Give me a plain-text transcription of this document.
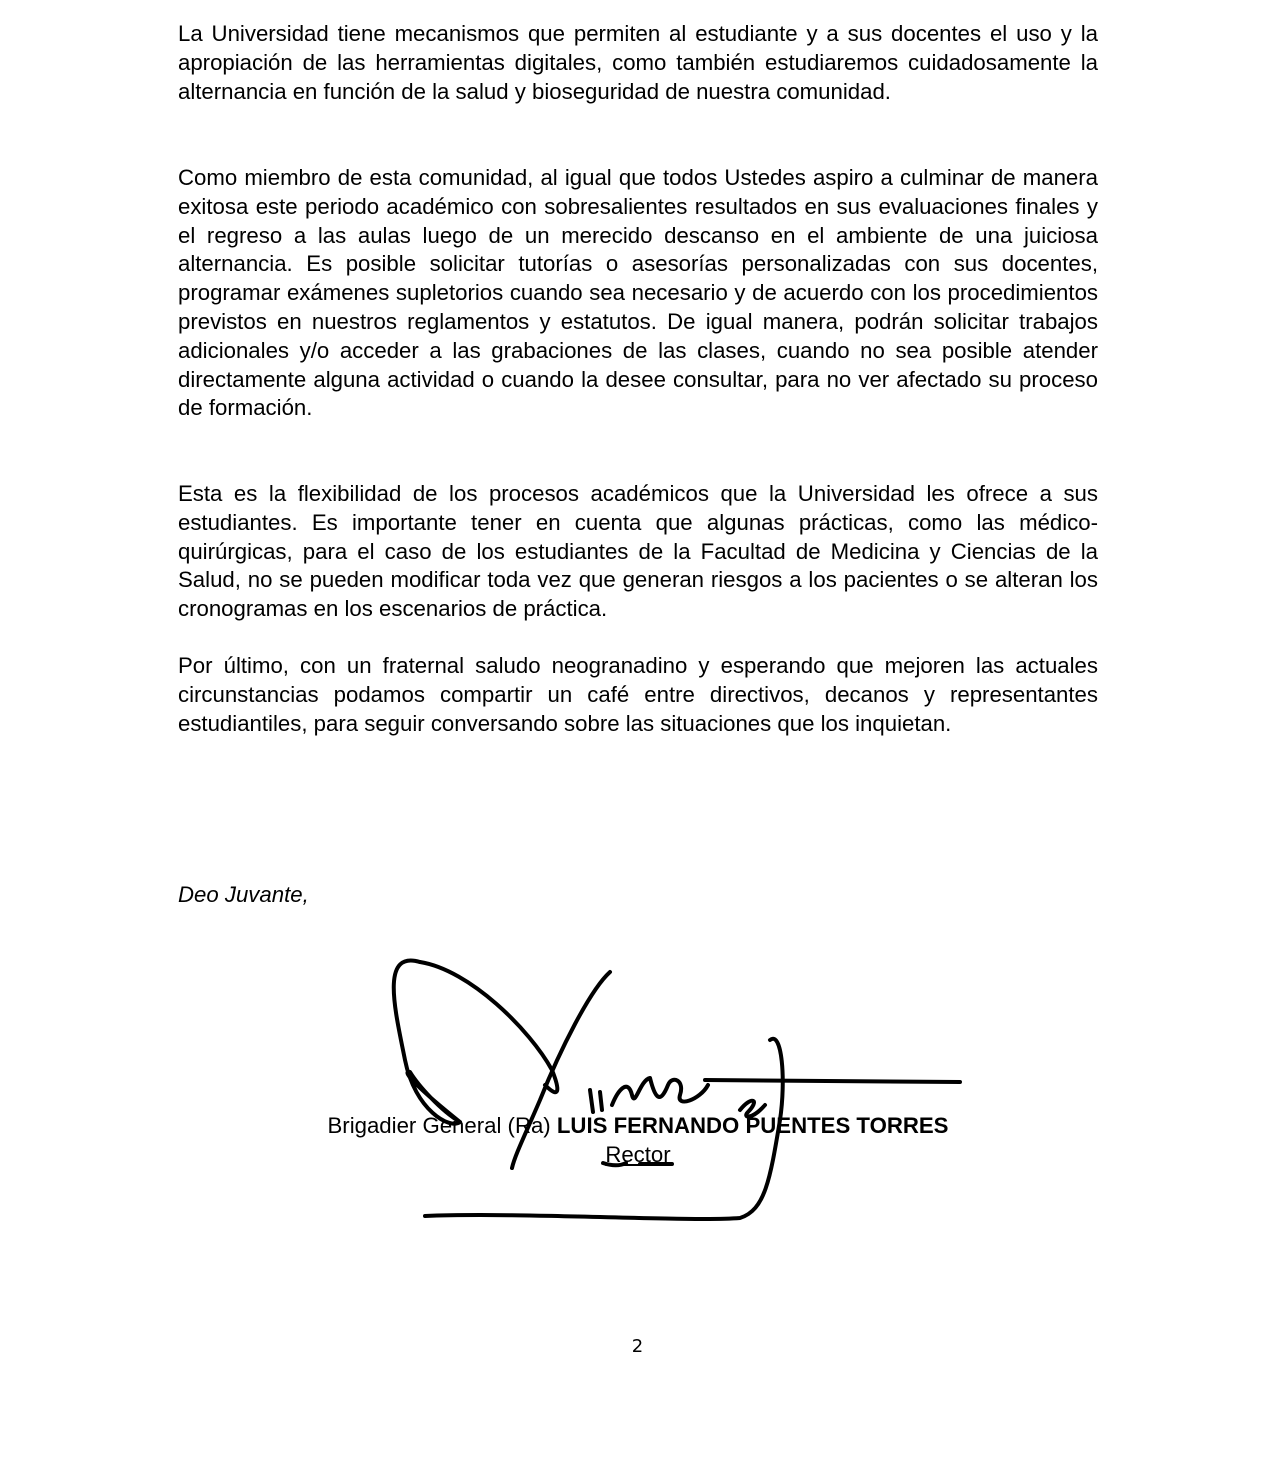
La Universidad tiene mecanismos que permiten al estudiante y a sus docentes el uso y la apropiación de las herramientas digitales, como también estudiaremos cuidadosamente la alternancia en función de la salud y bioseguridad de nuestra comunidad.

Como miembro de esta comunidad, al igual que todos Ustedes aspiro a culminar de manera exitosa este periodo académico con sobresalientes resultados en sus evaluaciones finales y el regreso a las aulas luego de un merecido descanso en el ambiente de una juiciosa alternancia. Es posible solicitar tutorías o asesorías personalizadas con sus docentes, programar exámenes supletorios cuando sea necesario y de acuerdo con los procedimientos previstos en nuestros reglamentos y estatutos. De igual manera, podrán solicitar trabajos adicionales y/o acceder a las grabaciones de las clases, cuando no sea posible atender directamente alguna actividad o cuando la desee consultar, para no ver afectado su proceso de formación.

Esta es la flexibilidad de los procesos académicos que la Universidad les ofrece a sus estudiantes. Es importante tener en cuenta que algunas prácticas, como las médico-quirúrgicas, para el caso de los estudiantes de la Facultad de Medicina y Ciencias de la Salud, no se pueden modificar toda vez que generan riesgos a los pacientes o se alteran los cronogramas en los escenarios de práctica.

Por último, con un fraternal saludo neogranadino y esperando que mejoren las actuales circunstancias podamos compartir un café entre directivos, decanos y representantes estudiantiles, para seguir conversando sobre las situaciones que los inquietan.

Deo Juvante,
Brigadier General (Ra) LUIS FERNANDO PUENTES TORRES
Rector
2
